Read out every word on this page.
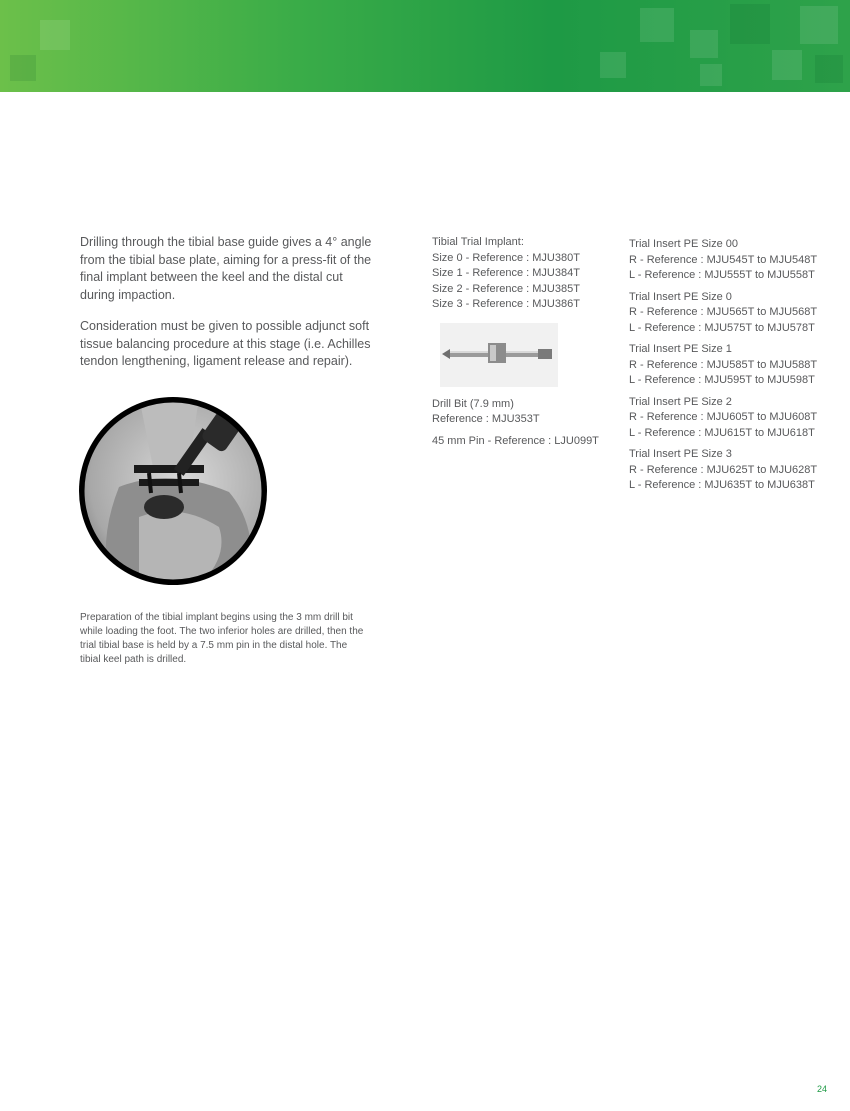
Drilling through the tibial base guide gives a 4° angle from the tibial base plate, aiming for a press-fit of the final implant between the keel and the distal cut during impaction.

Consideration must be given to possible adjunct soft tissue balancing procedure at this stage (i.e. Achilles tendon lengthening, ligament release and repair).

Preparation of the tibial implant begins using the 3 mm drill bit while loading the foot. The two inferior holes are drilled, then the trial tibial base is held by a 7.5 mm pin in the distal hole. The tibial keel path is drilled.

Tibial Trial Implant:
Size 0 - Reference : MJU380T
Size 1 - Reference : MJU384T
Size 2 - Reference : MJU385T
Size 3 - Reference : MJU386T
Drill Bit (7.9 mm)
Reference : MJU353T
45 mm Pin - Reference : LJU099T
Trial Insert PE Size 00
R - Reference : MJU545T to MJU548T
L - Reference : MJU555T to MJU558T
Trial Insert PE Size 0
R - Reference : MJU565T to MJU568T
L - Reference : MJU575T to MJU578T
Trial Insert PE Size 1
R - Reference : MJU585T to MJU588T
L - Reference : MJU595T to MJU598T
Trial Insert PE Size 2
R - Reference : MJU605T to MJU608T
L - Reference : MJU615T to MJU618T
Trial Insert PE Size 3
R - Reference : MJU625T to MJU628T
L - Reference : MJU635T to MJU638T
24
